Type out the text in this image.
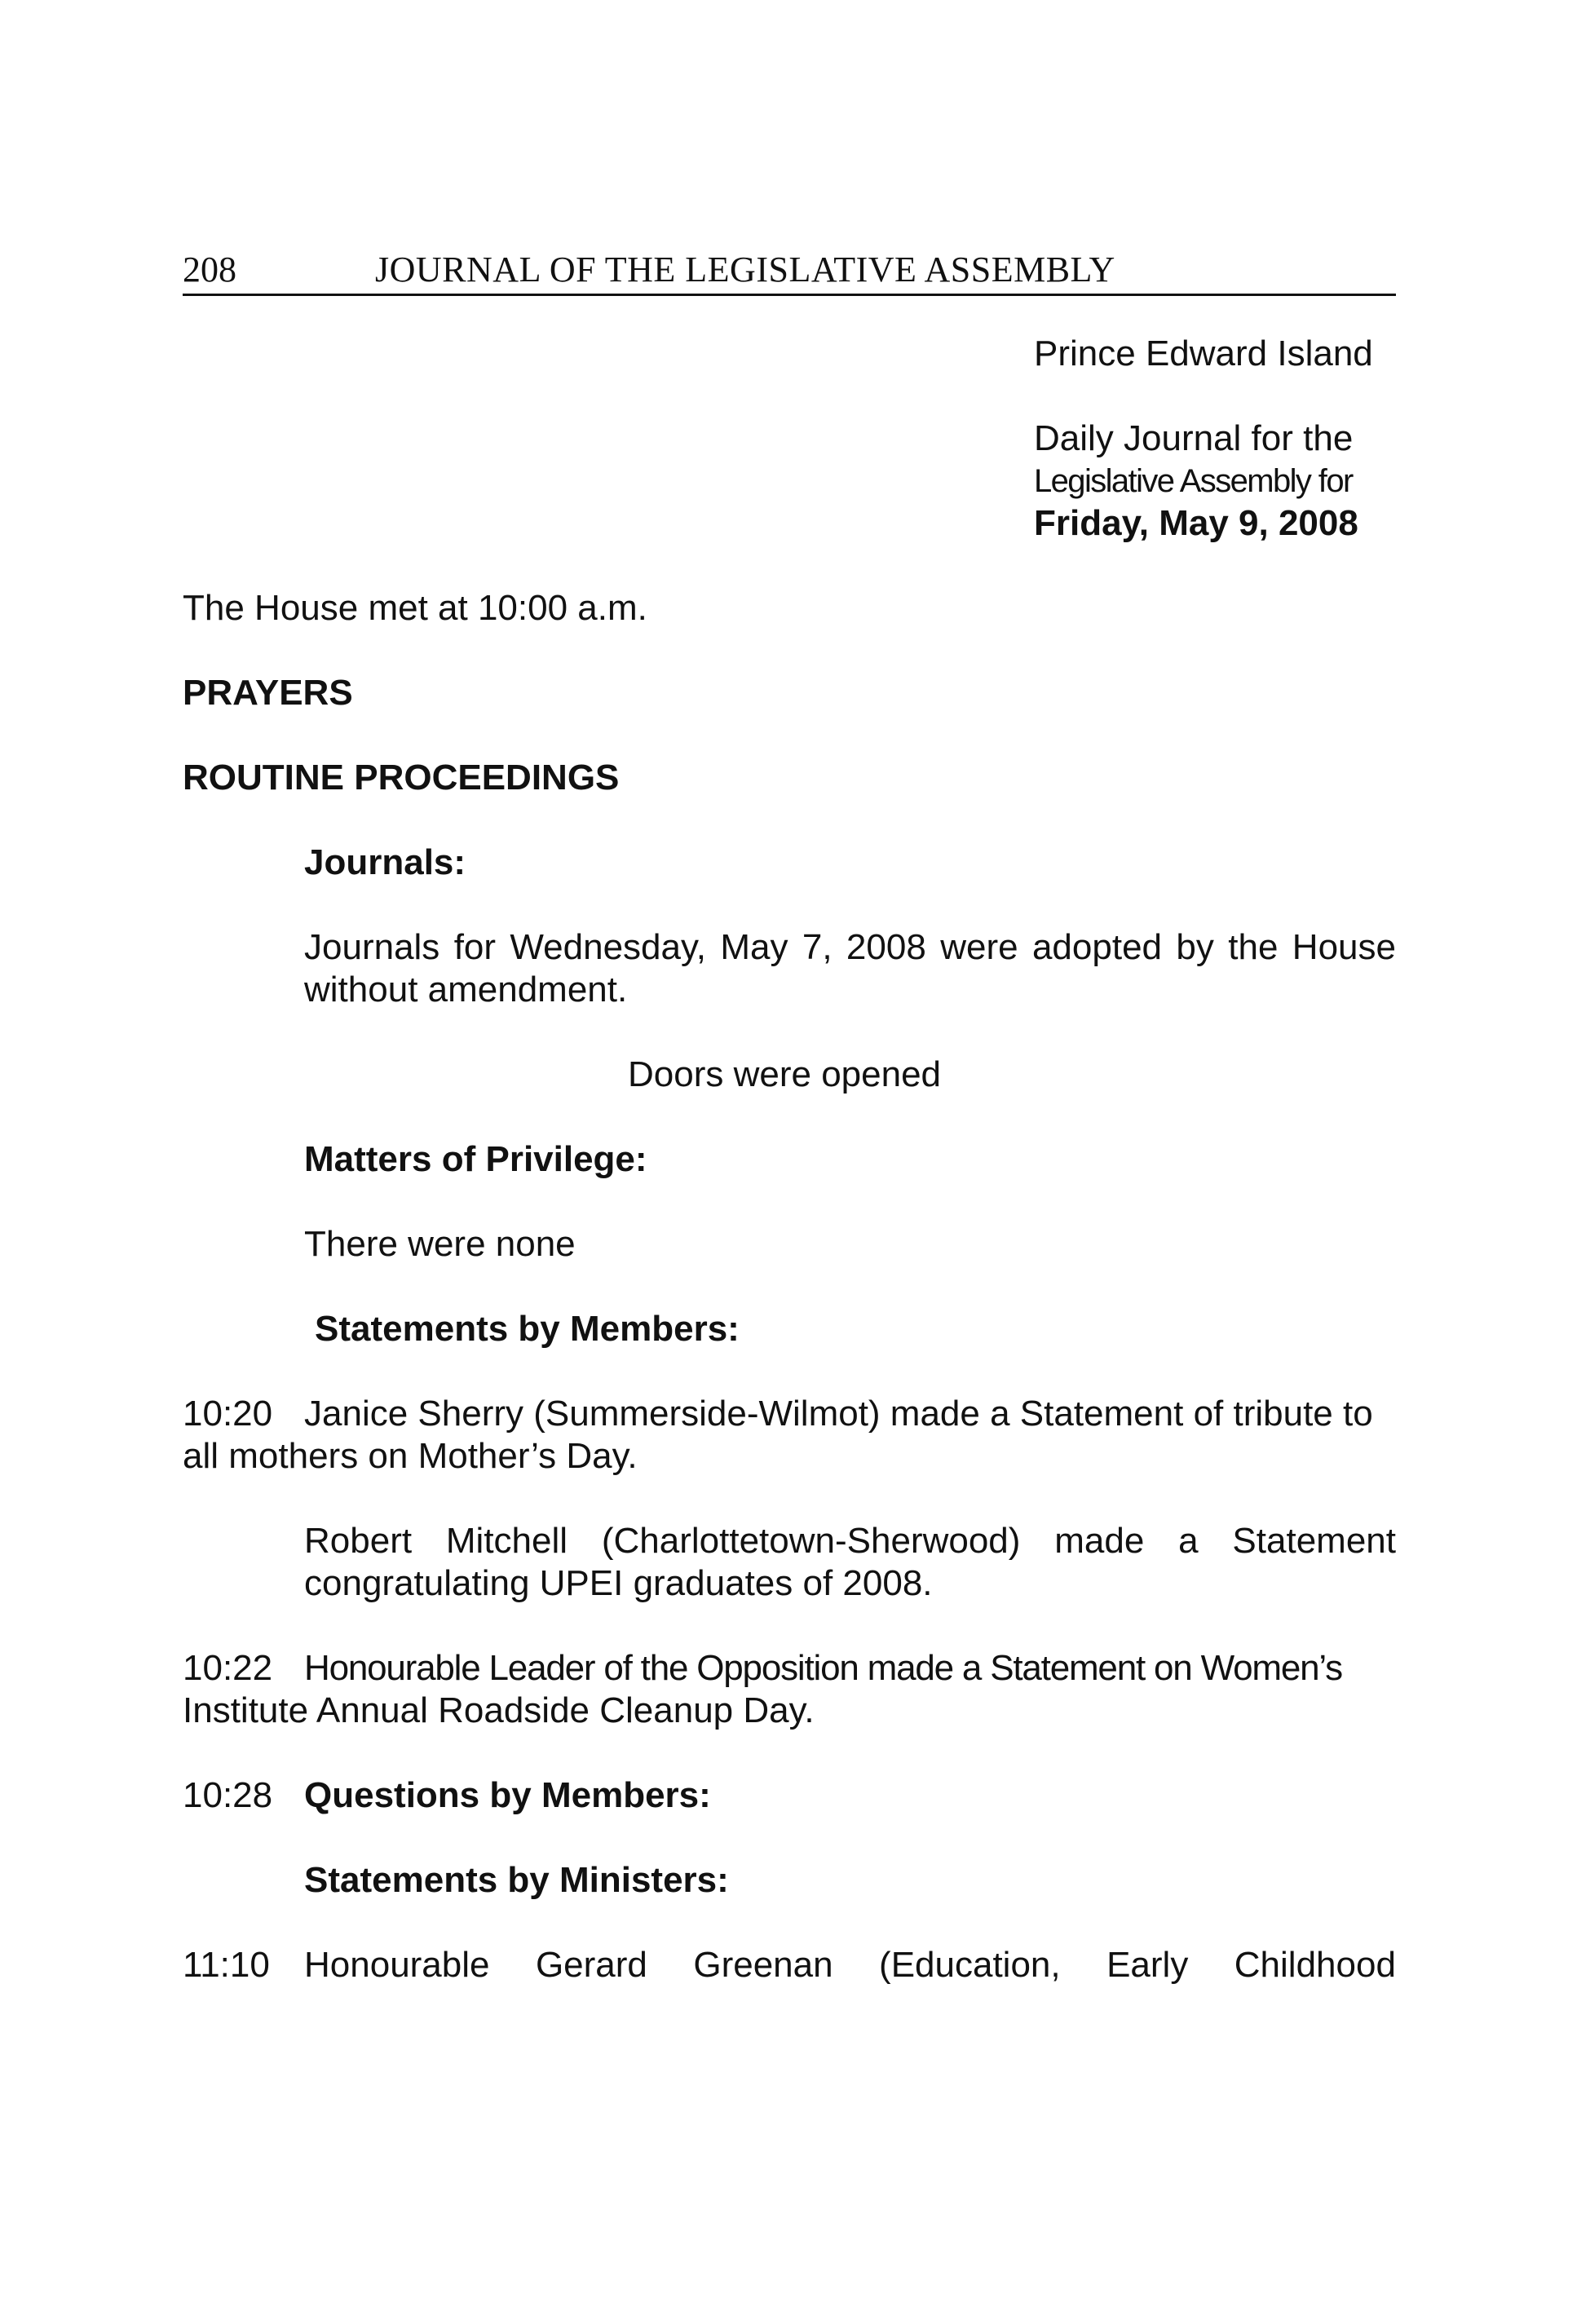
208	JOURNAL OF THE LEGISLATIVE ASSEMBLY
Prince Edward Island
Daily Journal for the
Legislative Assembly for
Friday, May 9, 2008
The House met at 10:00 a.m.
PRAYERS
ROUTINE PROCEEDINGS
Journals:
Journals for Wednesday, May 7, 2008 were adopted by the House without amendment.
Doors were opened
Matters of Privilege:
There were none
Statements by Members:
10:20 Janice Sherry (Summerside-Wilmot) made a Statement of tribute to
all mothers on Mother’s Day.
Robert Mitchell (Charlottetown-Sherwood) made a Statement congratulating UPEI graduates of 2008.
10:22 Honourable Leader of the Opposition made a Statement on Women’s
Institute Annual Roadside Cleanup Day.
10:28 Questions by Members:
Statements by Ministers:
11:10 Honourable Gerard Greenan (Education, Early Childhood
